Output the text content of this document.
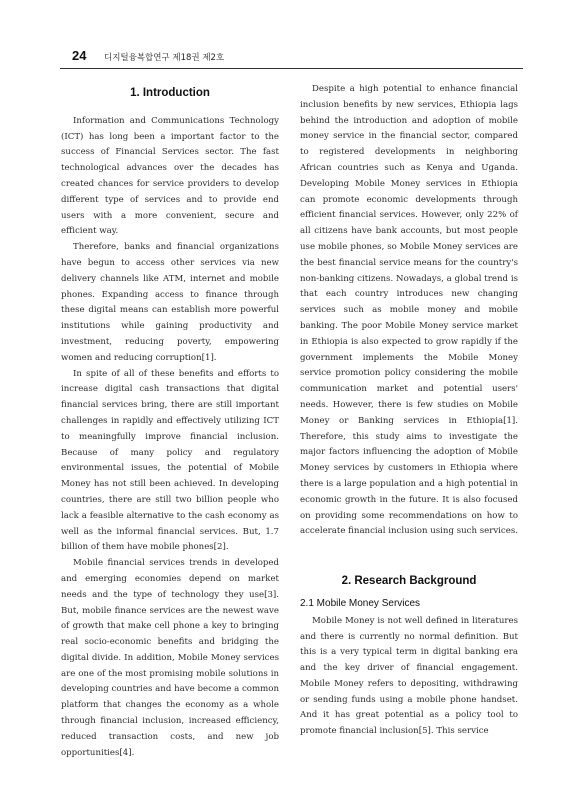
24 디지털융복합연구 제18권 제2호
1. Introduction

Information and Communications Technology (ICT) has long been a important factor to the success of Financial Services sector. The fast technological advances over the decades has created chances for service providers to develop different type of services and to provide end users with a more convenient, secure and efficient way.

Therefore, banks and financial organizations have begun to access other services via new delivery channels like ATM, internet and mobile phones. Expanding access to finance through these digital means can establish more powerful institutions while gaining productivity and investment, reducing poverty, empowering women and reducing corruption[1].

In spite of all of these benefits and efforts to increase digital cash transactions that digital financial services bring, there are still important challenges in rapidly and effectively utilizing ICT to meaningfully improve financial inclusion. Because of many policy and regulatory environmental issues, the potential of Mobile Money has not still been achieved. In developing countries, there are still two billion people who lack a feasible alternative to the cash economy as well as the informal financial services. But, 1.7 billion of them have mobile phones[2].

Mobile financial services trends in developed and emerging economies depend on market needs and the type of technology they use[3]. But, mobile finance services are the newest wave of growth that make cell phone a key to bringing real socio-economic benefits and bridging the digital divide. In addition, Mobile Money services are one of the most promising mobile solutions in developing countries and have become a common platform that changes the economy as a whole through financial inclusion, increased efficiency, reduced transaction costs, and new job opportunities[4].

Despite a high potential to enhance financial inclusion benefits by new services, Ethiopia lags behind the introduction and adoption of mobile money service in the financial sector, compared to registered developments in neighboring African countries such as Kenya and Uganda. Developing Mobile Money services in Ethiopia can promote economic developments through efficient financial services. However, only 22% of all citizens have bank accounts, but most people use mobile phones, so Mobile Money services are the best financial service means for the country's non-banking citizens. Nowadays, a global trend is that each country introduces new changing services such as mobile money and mobile banking. The poor Mobile Money service market in Ethiopia is also expected to grow rapidly if the government implements the Mobile Money service promotion policy considering the mobile communication market and potential users' needs. However, there is few studies on Mobile Money or Banking services in Ethiopia[1]. Therefore, this study aims to investigate the major factors influencing the adoption of Mobile Money services by customers in Ethiopia where there is a large population and a high potential in economic growth in the future. It is also focused on providing some recommendations on how to accelerate financial inclusion using such services.

2. Research Background
2.1 Mobile Money Services

Mobile Money is not well defined in literatures and there is currently no normal definition. But this is a very typical term in digital banking era and the key driver of financial engagement. Mobile Money refers to depositing, withdrawing or sending funds using a mobile phone handset. And it has great potential as a policy tool to promote financial inclusion[5]. This service
